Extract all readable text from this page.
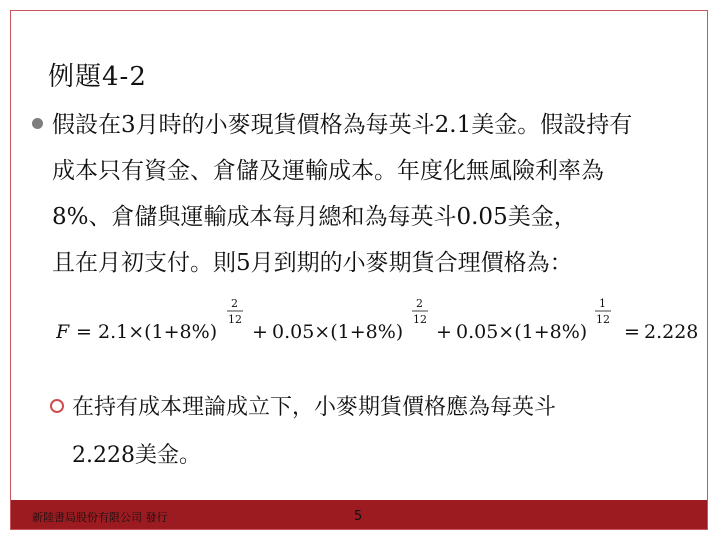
例題4-2
假設在3月時的小麥現貨價格為每英斗2.1美金。假設持有
成本只有資金、倉儲及運輸成本。年度化無風險利率為
8%、倉儲與運輸成本每月總和為每英斗0.05美金，
且在月初支付。則5月到期的小麥期貨合理價格為：
F = 2.1×(1+8%)
2
12
+ 0.05×(1+8%)
2
12
+ 0.05×(1+8%)
1
12
= 2.228
在持有成本理論成立下，小麥期貨價格應為每英斗
2.228美金。
新陸書局股份有限公司 發行	5
